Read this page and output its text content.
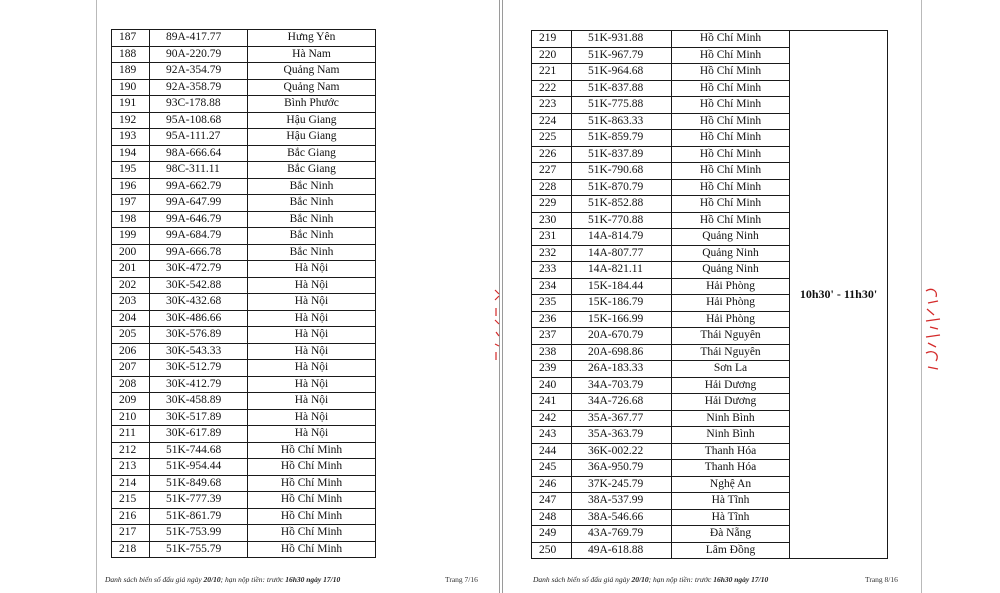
187	89A-417.77	Hưng Yên	
188	90A-220.79	Hà Nam	
189	92A-354.79	Quảng Nam	
190	92A-358.79	Quảng Nam	
191	93C-178.88	Bình Phước	
192	95A-108.68	Hậu Giang	
193	95A-111.27	Hậu Giang	
194	98A-666.64	Bắc Giang	
195	98C-311.11	Bắc Giang	
196	99A-662.79	Bắc Ninh	
197	99A-647.99	Bắc Ninh	
198	99A-646.79	Bắc Ninh	
199	99A-684.79	Bắc Ninh	
200	99A-666.78	Bắc Ninh	
201	30K-472.79	Hà Nội	
202	30K-542.88	Hà Nội	
203	30K-432.68	Hà Nội	
204	30K-486.66	Hà Nội	
205	30K-576.89	Hà Nội	
206	30K-543.33	Hà Nội	
207	30K-512.79	Hà Nội	
208	30K-412.79	Hà Nội	
209	30K-458.89	Hà Nội	
210	30K-517.89	Hà Nội	
211	30K-617.89	Hà Nội	
212	51K-744.68	Hồ Chí Minh	
213	51K-954.44	Hồ Chí Minh	
214	51K-849.68	Hồ Chí Minh	
215	51K-777.39	Hồ Chí Minh	
216	51K-861.79	Hồ Chí Minh	
217	51K-753.99	Hồ Chí Minh	
218	51K-755.79	Hồ Chí Minh	
Danh sách biển số đấu giá ngày 20/10; hạn nộp tiền: trước 16h30 ngày 17/10	Trang 7/16
219	51K-931.88	Hồ Chí Minh	10h30' - 11h30'
220	51K-967.79	Hồ Chí Minh	
221	51K-964.68	Hồ Chí Minh	
222	51K-837.88	Hồ Chí Minh	
223	51K-775.88	Hồ Chí Minh	
224	51K-863.33	Hồ Chí Minh	
225	51K-859.79	Hồ Chí Minh	
226	51K-837.89	Hồ Chí Minh	
227	51K-790.68	Hồ Chí Minh	
228	51K-870.79	Hồ Chí Minh	
229	51K-852.88	Hồ Chí Minh	
230	51K-770.88	Hồ Chí Minh	
231	14A-814.79	Quảng Ninh	
232	14A-807.77	Quảng Ninh	
233	14A-821.11	Quảng Ninh	
234	15K-184.44	Hải Phòng	
235	15K-186.79	Hải Phòng	
236	15K-166.99	Hải Phòng	
237	20A-670.79	Thái Nguyên	
238	20A-698.86	Thái Nguyên	
239	26A-183.33	Sơn La	
240	34A-703.79	Hải Dương	
241	34A-726.68	Hải Dương	
242	35A-367.77	Ninh Bình	
243	35A-363.79	Ninh Bình	
244	36K-002.22	Thanh Hóa	
245	36A-950.79	Thanh Hóa	
246	37K-245.79	Nghệ An	
247	38A-537.99	Hà Tĩnh	
248	38A-546.66	Hà Tĩnh	
249	43A-769.79	Đà Nẵng	
250	49A-618.88	Lâm Đồng	
Danh sách biển số đấu giá ngày 20/10; hạn nộp tiền: trước 16h30 ngày 17/10	Trang 8/16
